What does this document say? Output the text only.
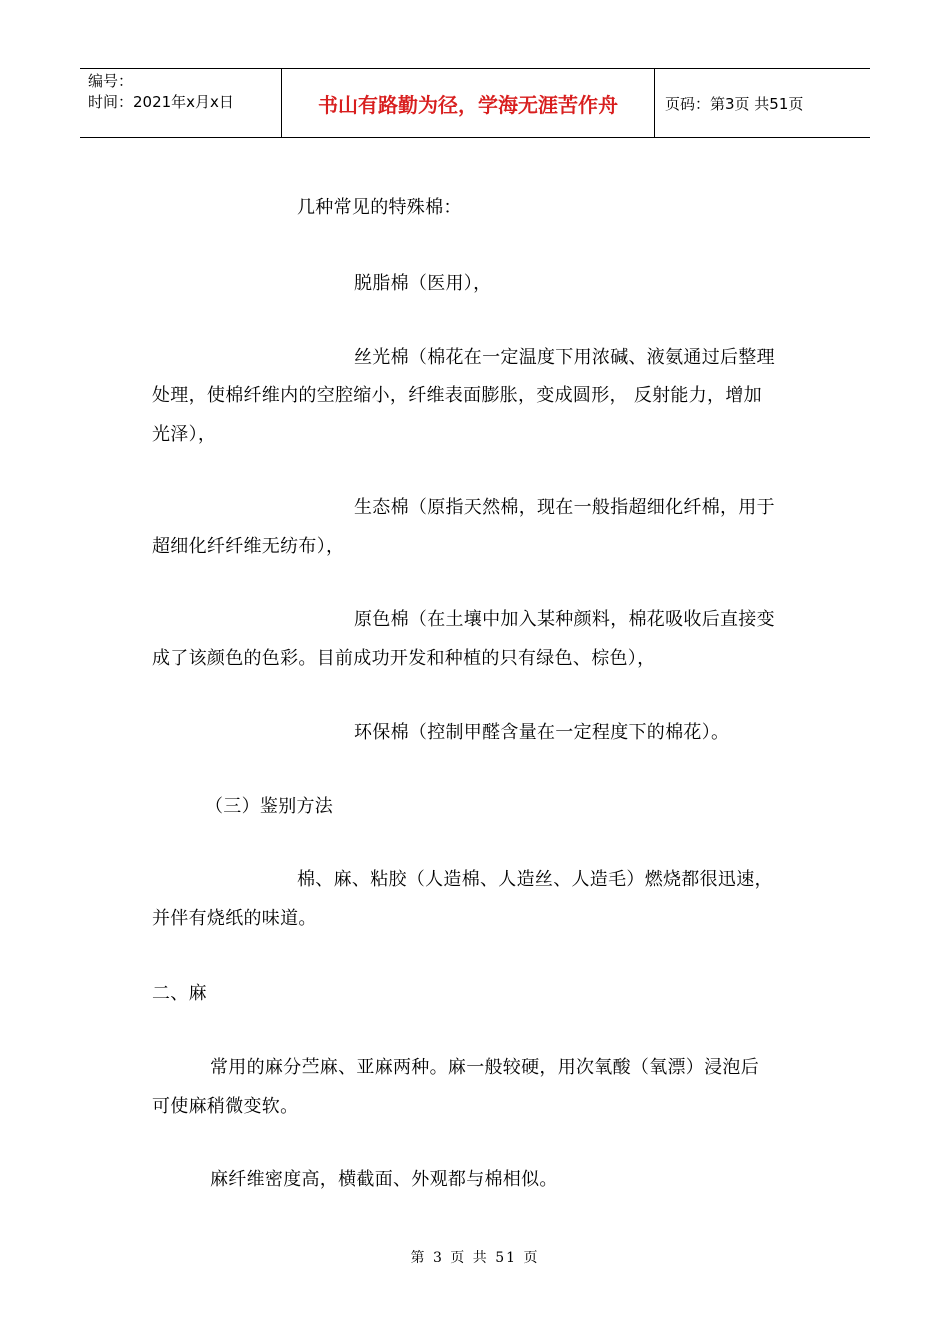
编号：
时间：2021年x月x日	书山有路勤为径，学海无涯苦作舟	页码：第3页 共51页
几种常见的特殊棉：
脱脂棉（医用），
丝光棉（棉花在一定温度下用浓碱、液氨通过后整理
处理，使棉纤维内的空腔缩小，纤维表面膨胀，变成圆形， 反射能力，增加
光泽），
生态棉（原指天然棉，现在一般指超细化纤棉，用于
超细化纤纤维无纺布），
原色棉（在土壤中加入某种颜料，棉花吸收后直接变
成了该颜色的色彩。目前成功开发和种植的只有绿色、棕色），
环保棉（控制甲醛含量在一定程度下的棉花）。
（三）鉴别方法
棉、麻、粘胶（人造棉、人造丝、人造毛）燃烧都很迅速，
并伴有烧纸的味道。
二、麻
常用的麻分苎麻、亚麻两种。麻一般较硬，用次氧酸（氧漂）浸泡后
可使麻稍微变软。
麻纤维密度高，横截面、外观都与棉相似。
第 3 页 共 51 页
